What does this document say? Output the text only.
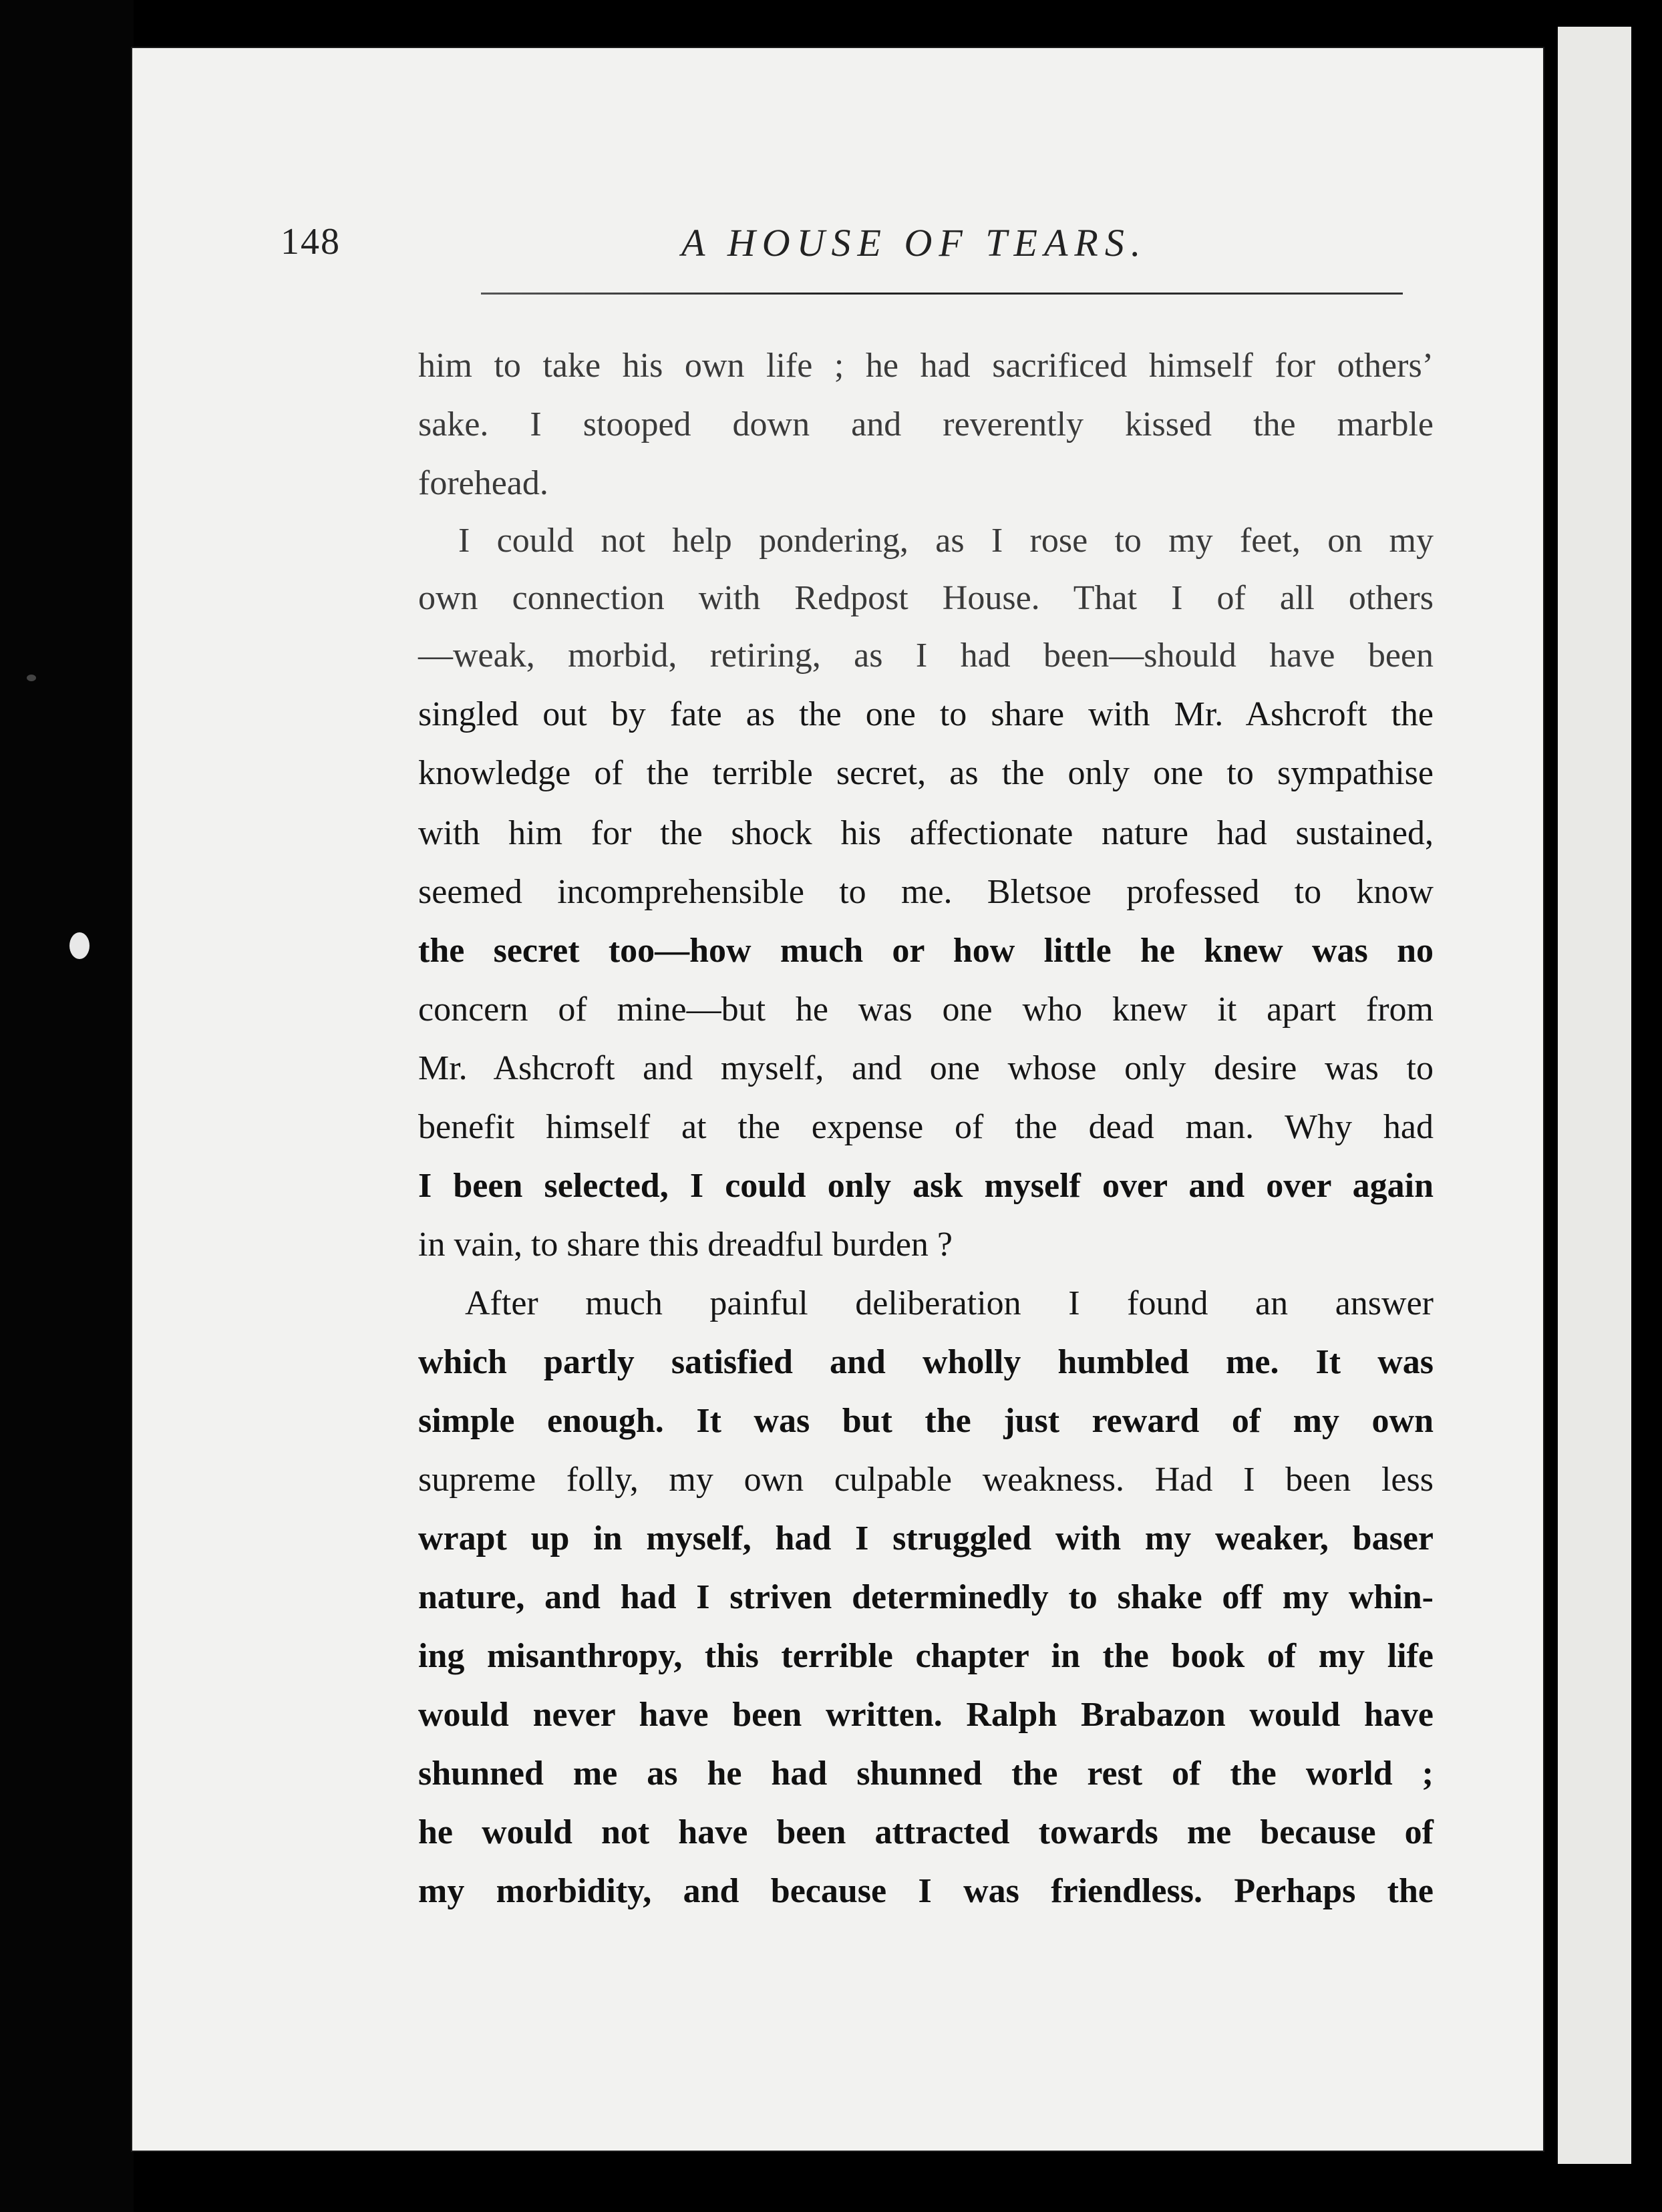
148	A HOUSE OF TEARS.
him to take his own life ; he had sacrificed himself for others’
sake. I stooped down and reverently kissed the marble
forehead.
I could not help pondering, as I rose to my feet, on my
own connection with Redpost House. That I of all others
—weak, morbid, retiring, as I had been—should have been
singled out by fate as the one to share with Mr. Ashcroft the
knowledge of the terrible secret, as the only one to sympathise
with him for the shock his affectionate nature had sustained,
seemed incomprehensible to me. Bletsoe professed to know
the secret too—how much or how little he knew was no
concern of mine—but he was one who knew it apart from
Mr. Ashcroft and myself, and one whose only desire was to
benefit himself at the expense of the dead man. Why had
I been selected, I could only ask myself over and over again
in vain, to share this dreadful burden ?
After much painful deliberation I found an answer
which partly satisfied and wholly humbled me. It was
simple enough. It was but the just reward of my own
supreme folly, my own culpable weakness. Had I been less
wrapt up in myself, had I struggled with my weaker, baser
nature, and had I striven determinedly to shake off my whin-
ing misanthropy, this terrible chapter in the book of my life
would never have been written. Ralph Brabazon would have
shunned me as he had shunned the rest of the world ;
he would not have been attracted towards me because of
my morbidity, and because I was friendless. Perhaps the
